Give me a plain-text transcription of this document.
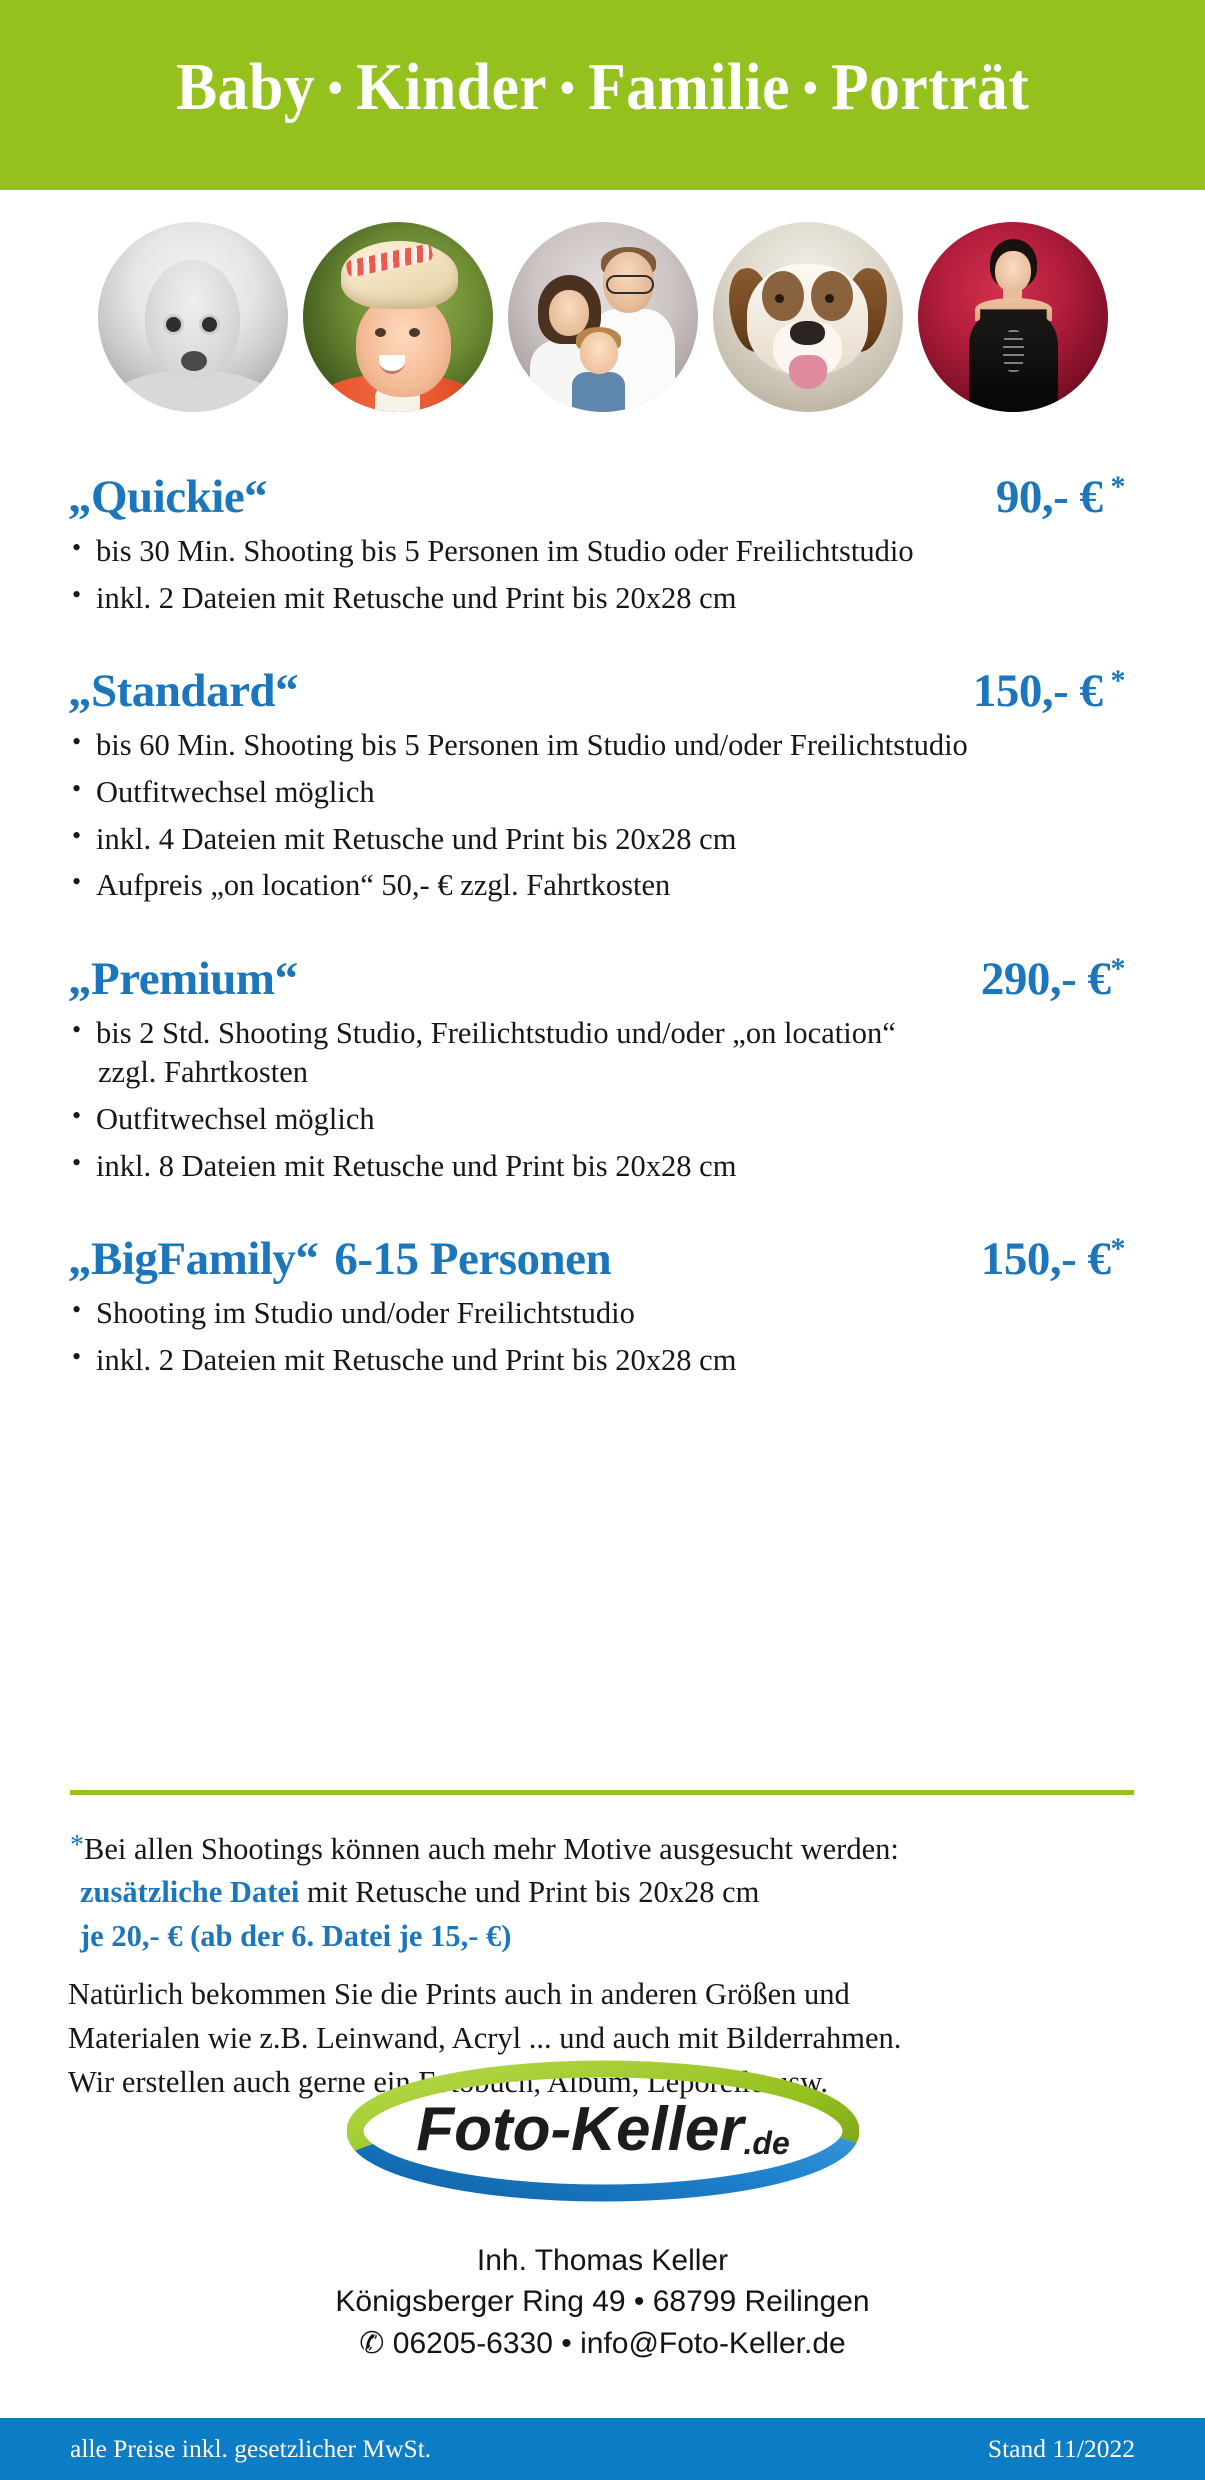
Baby • Kinder • Familie • Porträt
„Quickie“	90,- € *
• bis 30 Min. Shooting bis 5 Personen im Studio oder Freilichtstudio
• inkl. 2 Dateien mit Retusche und Print bis 20x28 cm
„Standard“	150,- € *
• bis 60 Min. Shooting bis 5 Personen im Studio und/oder Freilichtstudio
• Outfitwechsel möglich
• inkl. 4 Dateien mit Retusche und Print bis 20x28 cm
• Aufpreis „on location“ 50,- € zzgl. Fahrtkosten
„Premium“	290,- €*
• bis 2 Std. Shooting Studio, Freilichtstudio und/oder „on location“
zzgl. Fahrtkosten
• Outfitwechsel möglich
• inkl. 8 Dateien mit Retusche und Print bis 20x28 cm
„BigFamily“ 6-15 Personen	150,- €*
• Shooting im Studio und/oder Freilichtstudio
• inkl. 2 Dateien mit Retusche und Print bis 20x28 cm
*Bei allen Shootings können auch mehr Motive ausgesucht werden:
zusätzliche Datei mit Retusche und Print bis 20x28 cm
je 20,- € (ab der 6. Datei je 15,- €)
Natürlich bekommen Sie die Prints auch in anderen Größen und
Materialen wie z.B. Leinwand, Acryl ... und auch mit Bilderrahmen.
Wir erstellen auch gerne ein Fotobuch, Album, Leporello usw.
Foto-Keller.de
Inh. Thomas Keller
Königsberger Ring 49 • 68799 Reilingen
✆ 06205-6330 • info@Foto-Keller.de
alle Preise inkl. gesetzlicher MwSt.	Stand 11/2022
